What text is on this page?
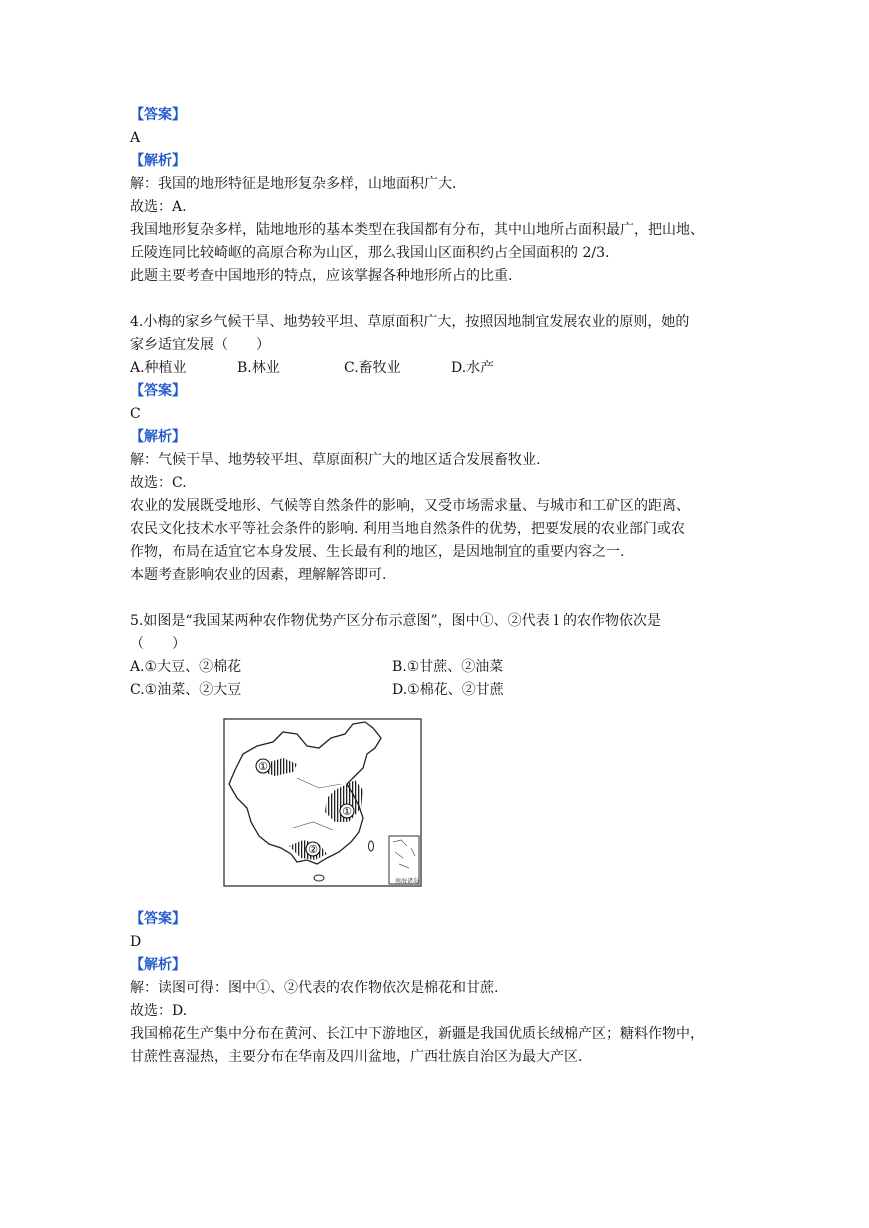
【答案】
A
【解析】
解：我国的地形特征是地形复杂多样，山地面积广大.
故选：A.
我国地形复杂多样，陆地地形的基本类型在我国都有分布，其中山地所占面积最广，把山地、
丘陵连同比较崎岖的高原合称为山区，那么我国山区面积约占全国面积的 2/3.
此题主要考查中国地形的特点，应该掌握各种地形所占的比重.
4.小梅的家乡气候干旱、地势较平坦、草原面积广大，按照因地制宜发展农业的原则，她的
家乡适宜发展（　　）
A.种植业	B.林业	C.畜牧业	D.水产
【答案】
C
【解析】
解：气候干旱、地势较平坦、草原面积广大的地区适合发展畜牧业.
故选：C.
农业的发展既受地形、气候等自然条件的影响，又受市场需求量、与城市和工矿区的距离、
农民文化技术水平等社会条件的影响. 利用当地自然条件的优势，把要发展的农业部门或农
作物，布局在适宜它本身发展、生长最有利的地区，是因地制宜的重要内容之一.
本题考查影响农业的因素，理解解答即可.
5.如图是“我国某两种农作物优势产区分布示意图”，图中①、②代表 l 的农作物依次是
（　　）
A.①大豆、②棉花	B.①甘蔗、②油菜
C.①油菜、②大豆	D.①棉花、②甘蔗
①
①
②
南海诸岛
【答案】
D
【解析】
解：读图可得：图中①、②代表的农作物依次是棉花和甘蔗.
故选：D.
我国棉花生产集中分布在黄河、长江中下游地区，新疆是我国优质长绒棉产区；糖料作物中，
甘蔗性喜湿热，主要分布在华南及四川盆地，广西壮族自治区为最大产区.
